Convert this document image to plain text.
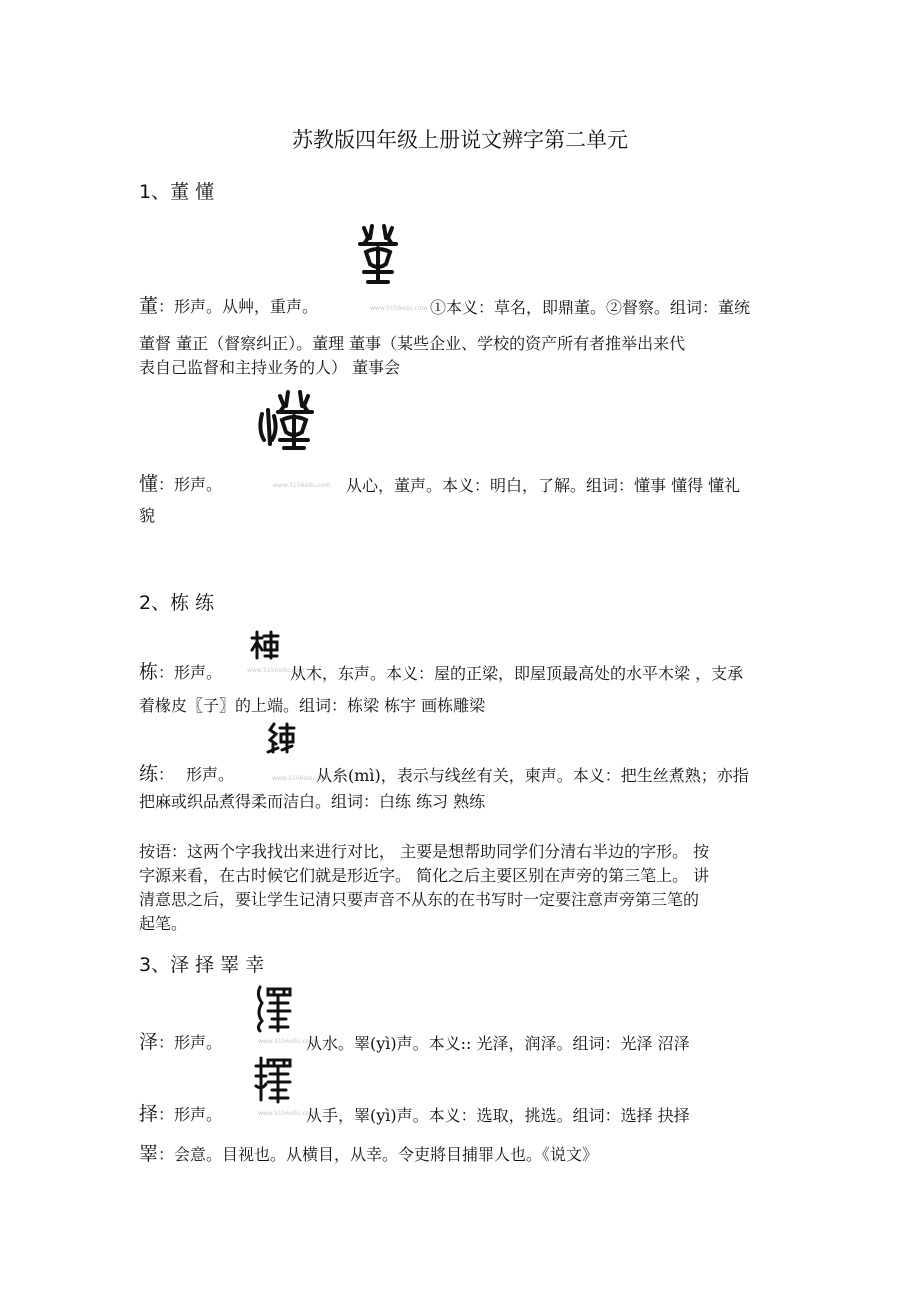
苏教版四年级上册说文辨字第二单元
1、董 懂
www.5156edu.com
董：形声。从艸，重声。	①本义：草名，即鼎董。②督察。组词：董统
董督 董正（督察纠正）。董理 董事（某些企业、学校的资产所有者推举出来代
表自己监督和主持业务的人） 董事会
www.5156edu.com
懂：形声。	从心，董声。本义：明白，了解。组词：懂事 懂得 懂礼
貌
2、栋 练
www.5156edu.com
栋：形声。	从木，东声。本义：屋的正梁，即屋顶最高处的水平木梁 ，支承
着椽皮〖子〗的上端。组词：栋梁 栋宇 画栋雕梁
www.5156edu.com
练： 形声。	从糸(mì)，表示与线丝有关，柬声。本义：把生丝煮熟；亦指
把麻或织品煮得柔而洁白。组词：白练 练习 熟练
按语：这两个字我找出来进行对比， 主要是想帮助同学们分清右半边的字形。 按
字源来看，在古时候它们就是形近字。 简化之后主要区别在声旁的第三笔上。 讲
清意思之后，要让学生记清只要声音不从东的在书写时一定要注意声旁第三笔的
起笔。
3、泽 择 睪 幸
www.5156edu.com
泽：形声。	从水。睪(yì)声。本义:: 光泽，润泽。组词：光泽 沼泽
www.5156edu.com
择：形声。	从手，睪(yì)声。本义：选取，挑选。组词：选择 抉择
睪：会意。目视也。从横目，从幸。令吏將目捕罪人也。《说文》
